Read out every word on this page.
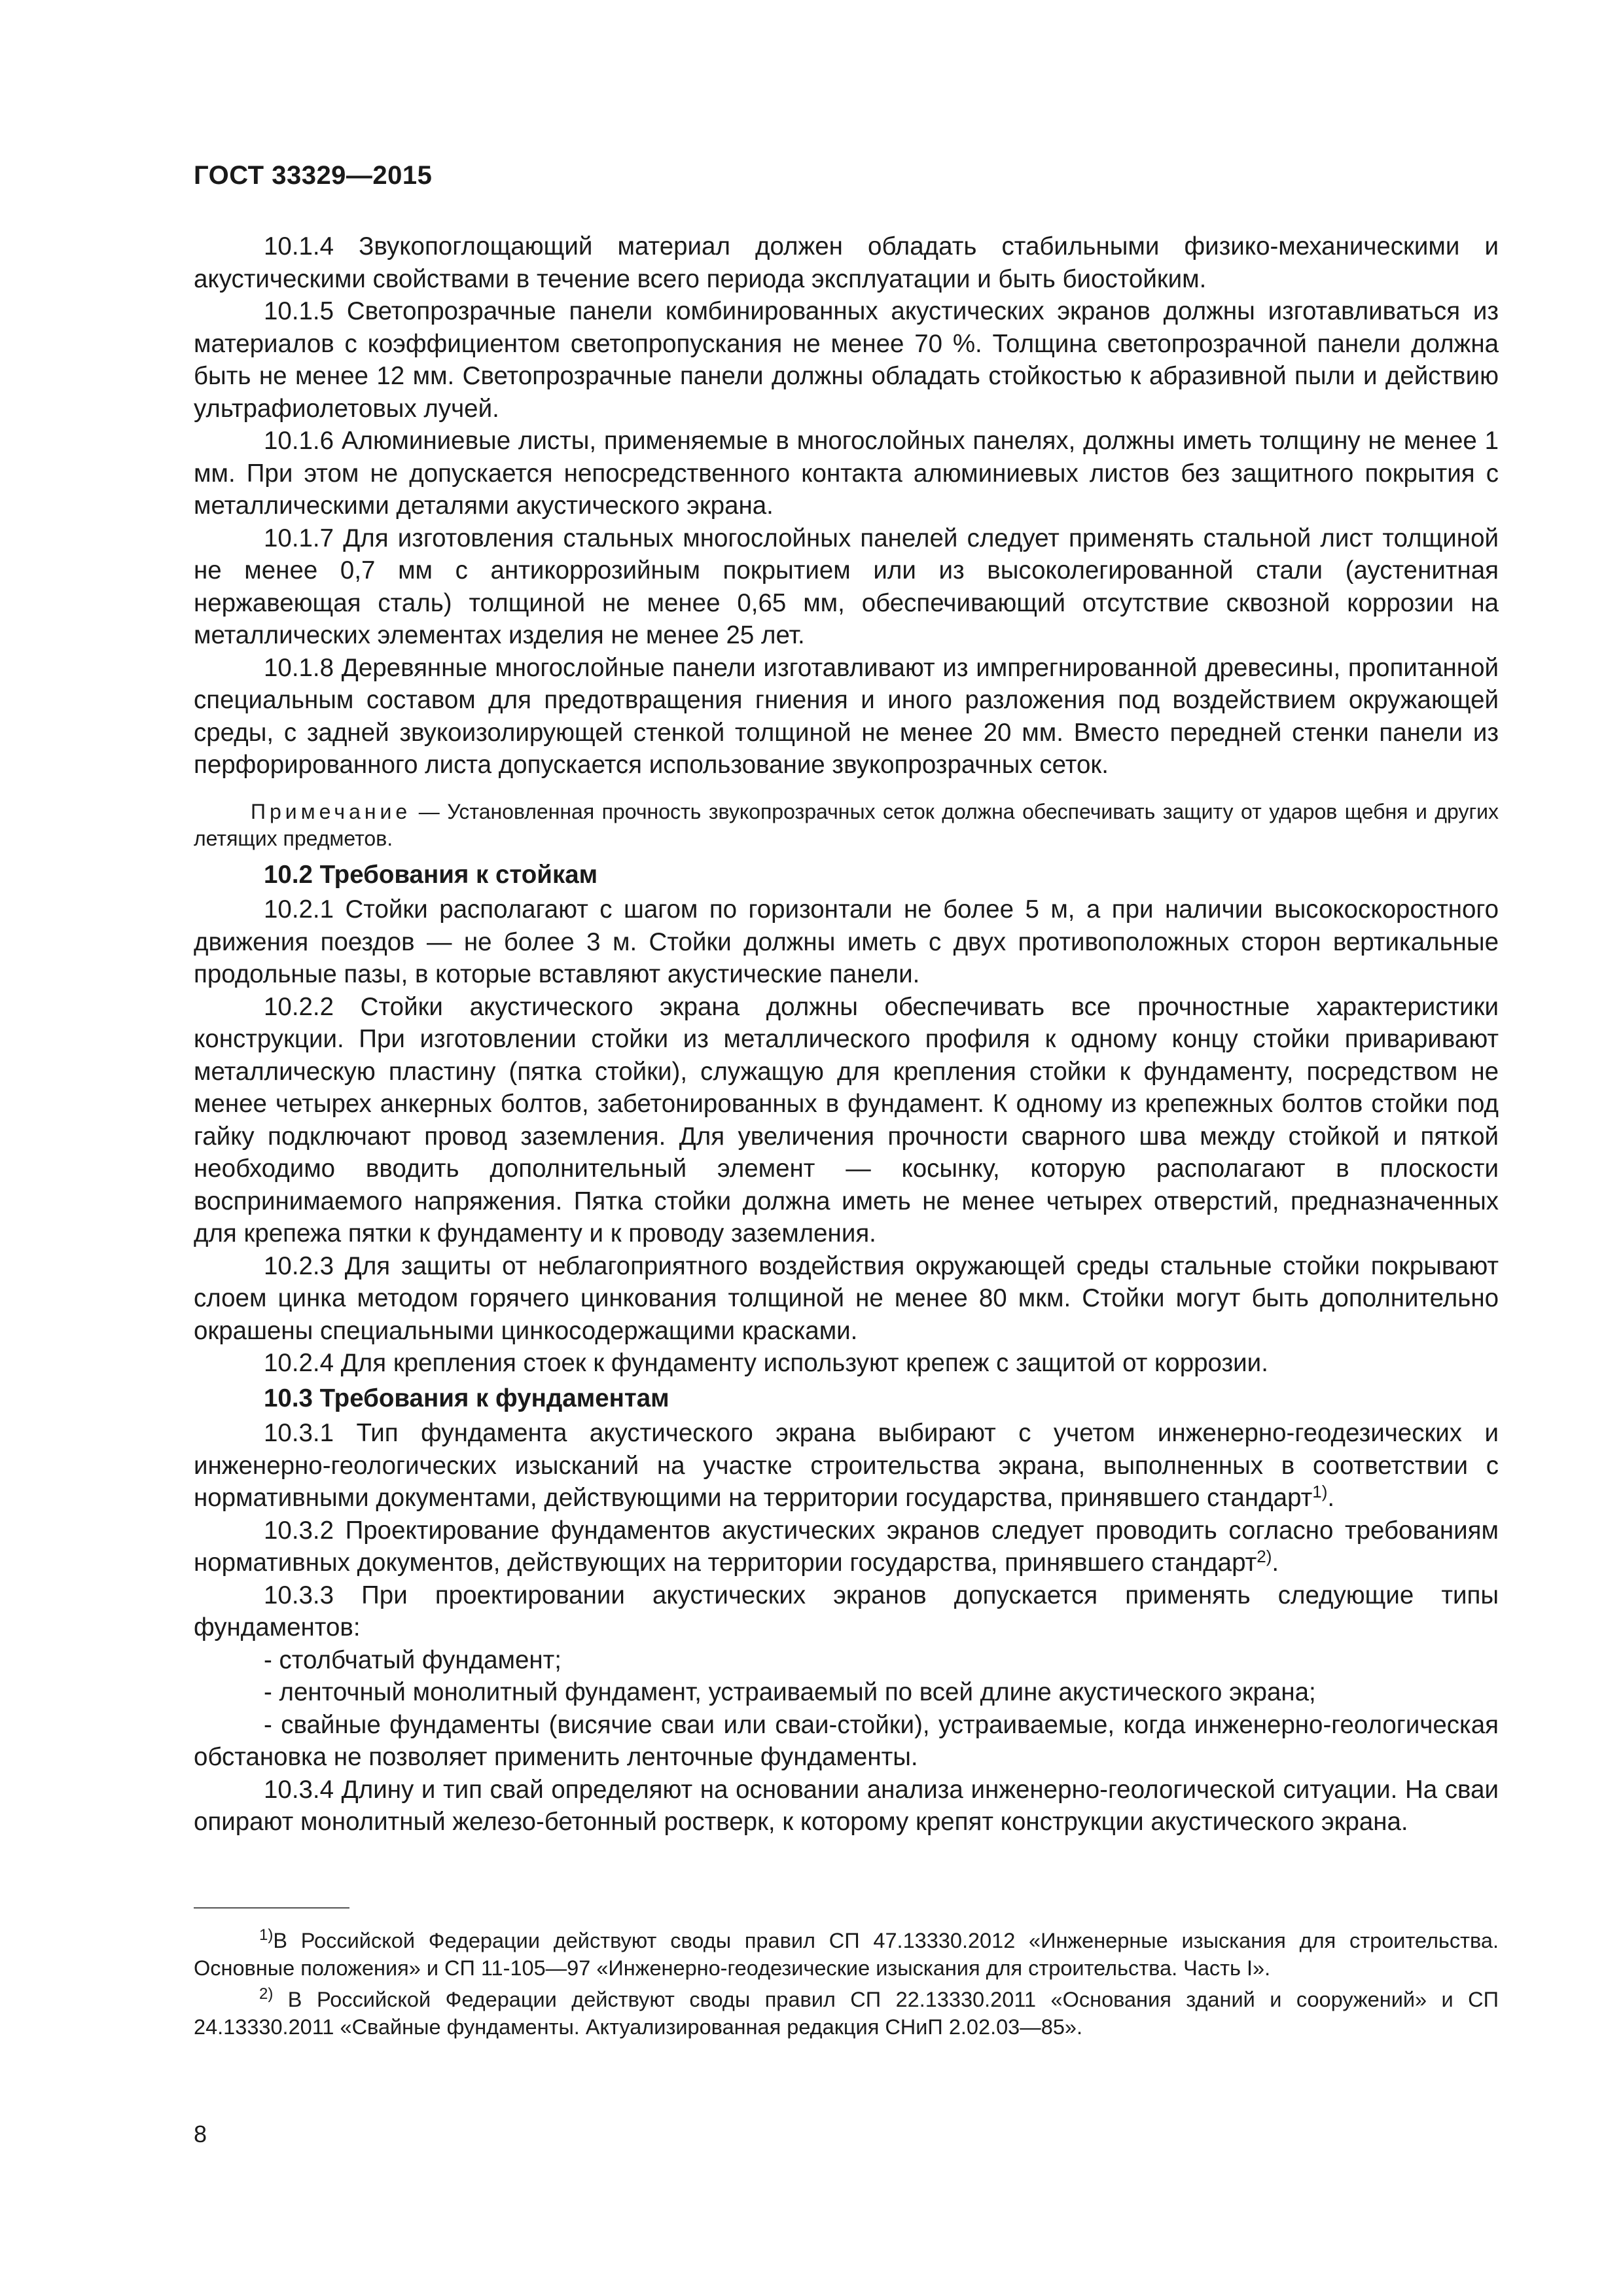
ГОСТ 33329—2015

10.1.4 Звукопоглощающий материал должен обладать стабильными физико-механическими и акустическими свойствами в течение всего периода эксплуатации и быть биостойким.

10.1.5 Светопрозрачные панели комбинированных акустических экранов должны изготавливаться из материалов с коэффициентом светопропускания не менее 70 %. Толщина светопрозрачной панели должна быть не менее 12 мм. Светопрозрачные панели должны обладать стойкостью к абразивной пыли и действию ультрафиолетовых лучей.

10.1.6 Алюминиевые листы, применяемые в многослойных панелях, должны иметь толщину не менее 1 мм. При этом не допускается непосредственного контакта алюминиевых листов без защитного покрытия с металлическими деталями акустического экрана.

10.1.7 Для изготовления стальных многослойных панелей следует применять стальной лист толщиной не менее 0,7 мм с антикоррозийным покрытием или из высоколегированной стали (аустенитная нержавеющая сталь) толщиной не менее 0,65 мм, обеспечивающий отсутствие сквозной коррозии на металлических элементах изделия не менее 25 лет.

10.1.8 Деревянные многослойные панели изготавливают из импрегнированной древесины, пропитанной специальным составом для предотвращения гниения и иного разложения под воздействием окружающей среды, с задней звукоизолирующей стенкой толщиной не менее 20 мм. Вместо передней стенки панели из перфорированного листа допускается использование звукопрозрачных сеток.

Примечание — Установленная прочность звукопрозрачных сеток должна обеспечивать защиту от ударов щебня и других летящих предметов.

10.2 Требования к стойкам

10.2.1 Стойки располагают с шагом по горизонтали не более 5 м, а при наличии высокоскоростного движения поездов — не более 3 м. Стойки должны иметь с двух противоположных сторон вертикальные продольные пазы, в которые вставляют акустические панели.

10.2.2 Стойки акустического экрана должны обеспечивать все прочностные характеристики конструкции. При изготовлении стойки из металлического профиля к одному концу стойки приваривают металлическую пластину (пятка стойки), служащую для крепления стойки к фундаменту, посредством не менее четырех анкерных болтов, забетонированных в фундамент. К одному из крепежных болтов стойки под гайку подключают провод заземления. Для увеличения прочности сварного шва между стойкой и пяткой необходимо вводить дополнительный элемент — косынку, которую располагают в плоскости воспринимаемого напряжения. Пятка стойки должна иметь не менее четырех отверстий, предназначенных для крепежа пятки к фундаменту и к проводу заземления.

10.2.3 Для защиты от неблагоприятного воздействия окружающей среды стальные стойки покрывают слоем цинка методом горячего цинкования толщиной не менее 80 мкм. Стойки могут быть дополнительно окрашены специальными цинкосодержащими красками.

10.2.4 Для крепления стоек к фундаменту используют крепеж с защитой от коррозии.

10.3 Требования к фундаментам

10.3.1 Тип фундамента акустического экрана выбирают с учетом инженерно-геодезических и инженерно-геологических изысканий на участке строительства экрана, выполненных в соответствии с нормативными документами, действующими на территории государства, принявшего стандарт$^{1)}$.

10.3.2 Проектирование фундаментов акустических экранов следует проводить согласно требованиям нормативных документов, действующих на территории государства, принявшего стандарт$^{2)}$.

10.3.3 При проектировании акустических экранов допускается применять следующие типы фундаментов:

- столбчатый фундамент;

- ленточный монолитный фундамент, устраиваемый по всей длине акустического экрана;

- свайные фундаменты (висячие сваи или сваи-стойки), устраиваемые, когда инженерно-геологическая обстановка не позволяет применить ленточные фундаменты.

10.3.4 Длину и тип свай определяют на основании анализа инженерно-геологической ситуации. На сваи опирают монолитный железо-бетонный ростверк, к которому крепят конструкции акустического экрана.

$^{1)}$В Российской Федерации действуют своды правил СП 47.13330.2012 «Инженерные изыскания для строительства. Основные положения» и СП 11-105—97 «Инженерно-геодезические изыскания для строительства. Часть I».

$^{2)}$ В Российской Федерации действуют своды правил СП 22.13330.2011 «Основания зданий и сооружений» и СП 24.13330.2011 «Свайные фундаменты. Актуализированная редакция СНиП 2.02.03—85».

8
